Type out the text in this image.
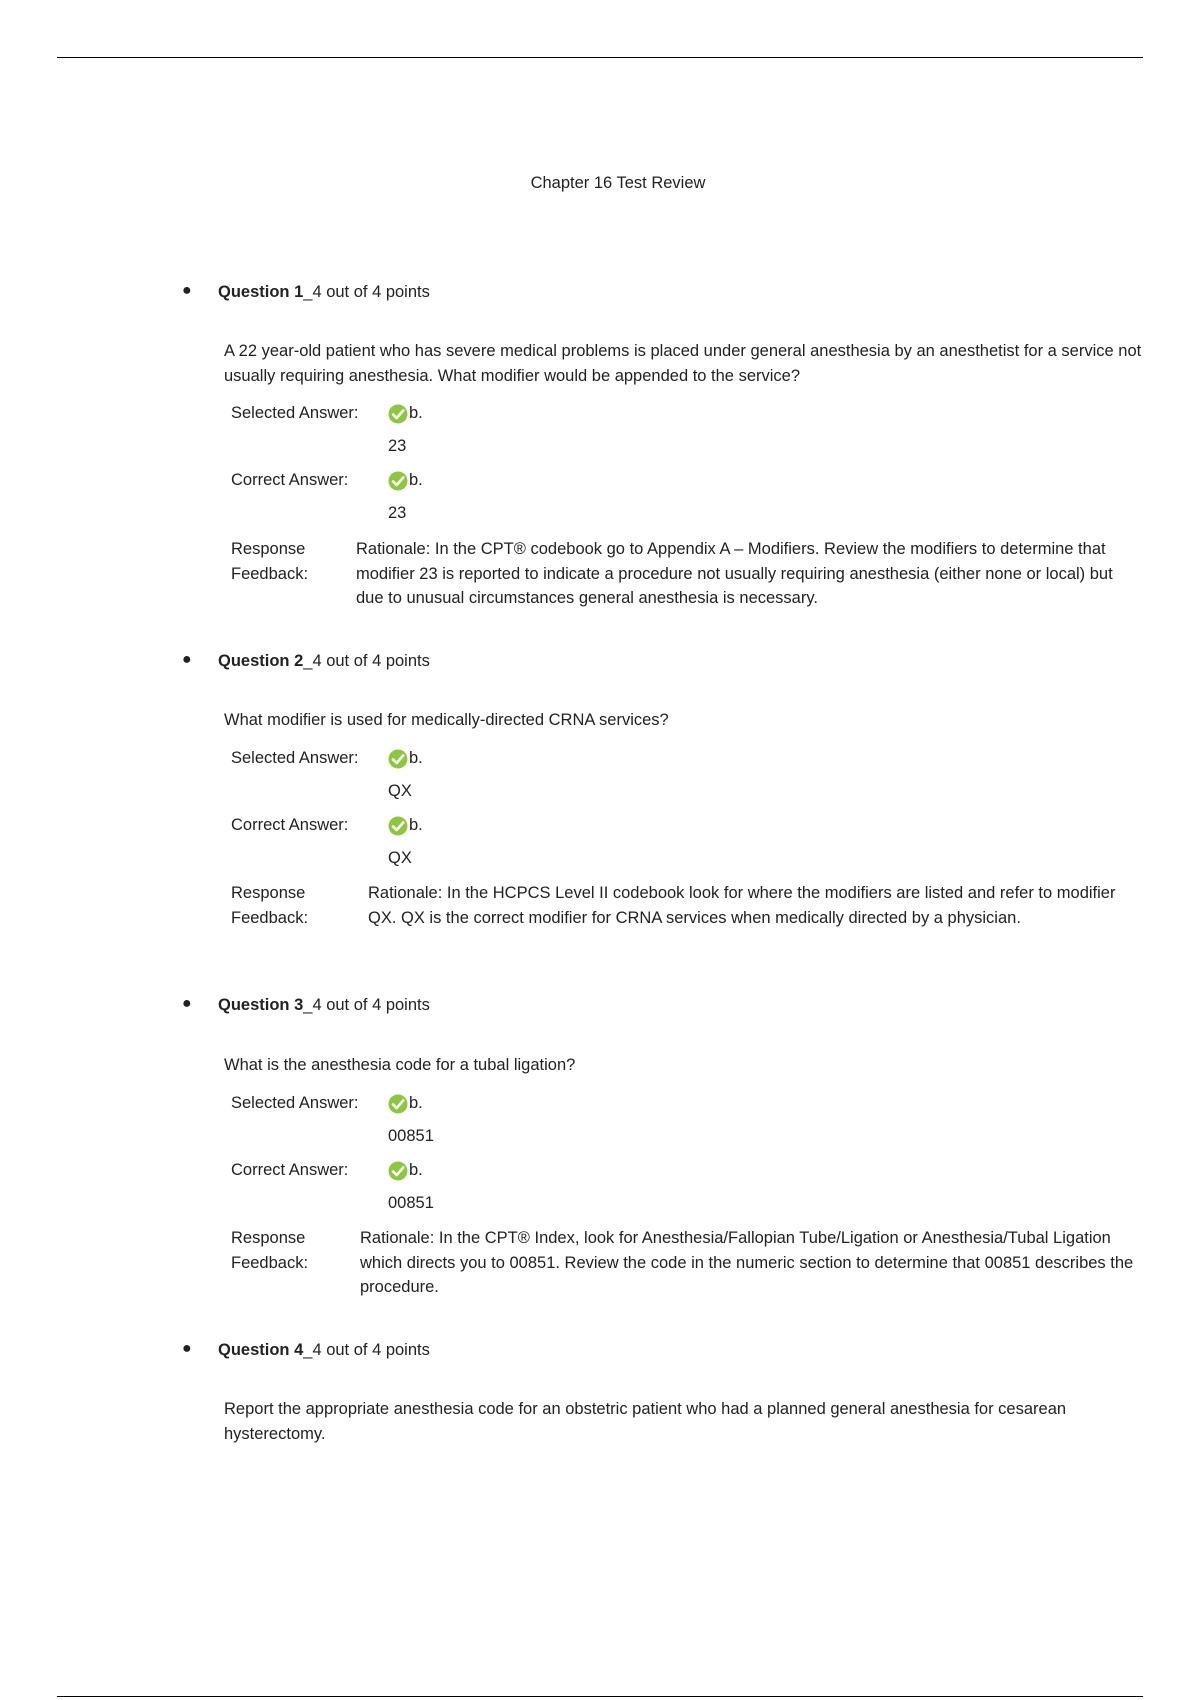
Chapter 16 Test Review
● Question 1_4 out of 4 points
A 22 year-old patient who has severe medical problems is placed under general anesthesia by an anesthetist for a service not usually requiring anesthesia. What modifier would be appended to the service?
Selected Answer:	b.
23
Correct Answer:	b.
23
Response
Feedback:
Rationale: In the CPT® codebook go to Appendix A – Modifiers. Review the modifiers to determine that modifier 23 is reported to indicate a procedure not usually requiring anesthesia (either none or local) but due to unusual circumstances general anesthesia is necessary.
● Question 2_4 out of 4 points
What modifier is used for medically-directed CRNA services?
Selected Answer:	b.
QX
Correct Answer:	b.
QX
Response
Feedback:
Rationale: In the HCPCS Level II codebook look for where the modifiers are listed and refer to modifier QX. QX is the correct modifier for CRNA services when medically directed by a physician.
● Question 3_4 out of 4 points
What is the anesthesia code for a tubal ligation?
Selected Answer:	b.
00851
Correct Answer:	b.
00851
Response
Feedback:
Rationale: In the CPT® Index, look for Anesthesia/Fallopian Tube/Ligation or Anesthesia/Tubal Ligation which directs you to 00851. Review the code in the numeric section to determine that 00851 describes the procedure.
● Question 4_4 out of 4 points
Report the appropriate anesthesia code for an obstetric patient who had a planned general anesthesia for cesarean hysterectomy.
